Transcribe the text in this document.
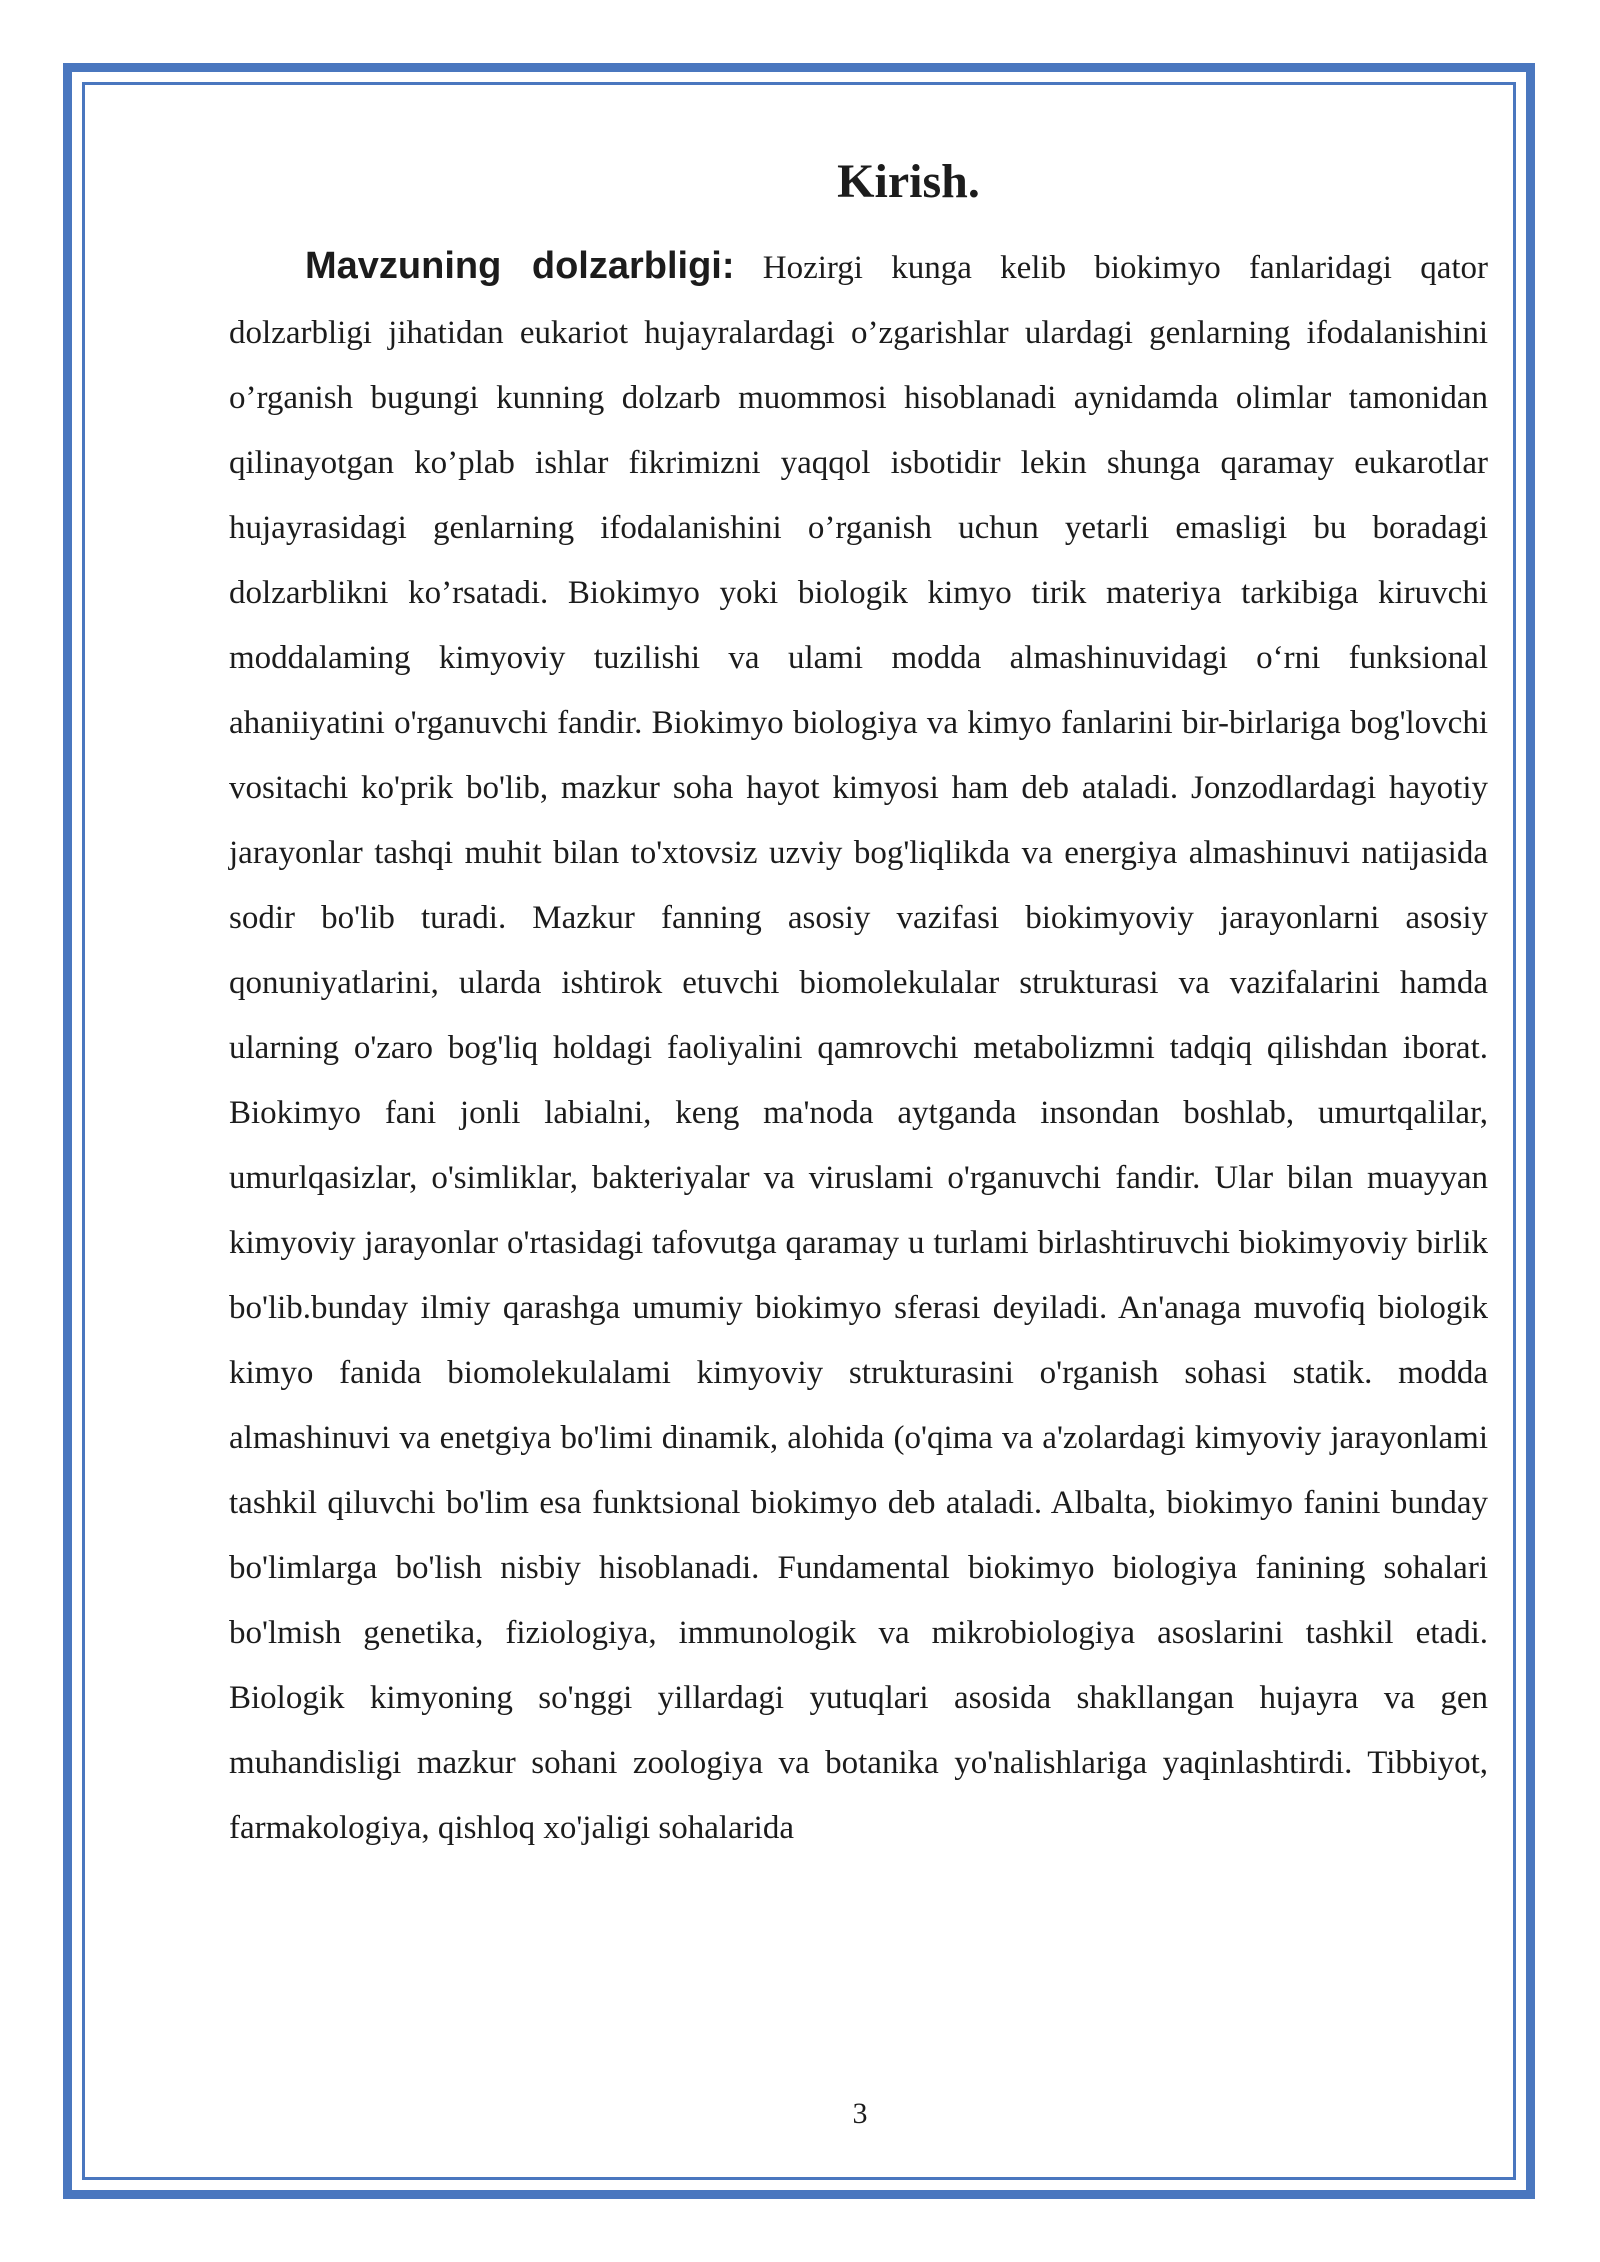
Kirish.

Mavzuning dolzarbligi: Hozirgi kunga kelib biokimyo fanlaridagi qator dolzarbligi jihatidan eukariot hujayralardagi o’zgarishlar ulardagi genlarning ifodalanishini o’rganish bugungi kunning dolzarb muommosi hisoblanadi aynidamda olimlar tamonidan qilinayotgan ko’plab ishlar fikrimizni yaqqol isbotidir lekin shunga qaramay eukarotlar hujayrasidagi genlarning ifodalanishini o’rganish uchun yetarli emasligi bu boradagi dolzarblikni ko’rsatadi. Biokimyo yoki biologik kimyo tirik materiya tarkibiga kiruvchi moddalaming kimyoviy tuzilishi va ulami modda almashinuvidagi o‘rni funksional ahaniiyatini o'rganuvchi fandir. Biokimyo biologiya va kimyo fanlarini bir-birlariga bog'lovchi vositachi ko'prik bo'lib, mazkur soha hayot kimyosi ham deb ataladi. Jonzodlardagi hayotiy jarayonlar tashqi muhit bilan to'xtovsiz uzviy bog'liqlikda va energiya almashinuvi natijasida sodir bo'lib turadi. Mazkur fanning asosiy vazifasi biokimyoviy jarayonlarni asosiy qonuniyatlarini, ularda ishtirok etuvchi biomolekulalar strukturasi va vazifalarini hamda ularning o'zaro bog'liq holdagi faoliyalini qamrovchi metabolizmni tadqiq qilishdan iborat. Biokimyo fani jonli labialni, keng ma'noda aytganda insondan boshlab, umurtqalilar, umurlqasizlar, o'simliklar, bakteriyalar va viruslami o'rganuvchi fandir. Ular bilan muayyan kimyoviy jarayonlar o'rtasidagi tafovutga qaramay u turlami birlashtiruvchi biokimyoviy birlik bo'lib.bunday ilmiy qarashga umumiy biokimyo sferasi deyiladi. An'anaga muvofiq biologik kimyo fanida biomolekulalami kimyoviy strukturasini o'rganish sohasi statik. modda almashinuvi va enetgiya bo'limi dinamik, alohida (o'qima va a'zolardagi kimyoviy jarayonlami tashkil qiluvchi bo'lim esa funktsional biokimyo deb ataladi. Albalta, biokimyo fanini bunday bo'limlarga bo'lish nisbiy hisoblanadi. Fundamental biokimyo biologiya fanining sohalari bo'lmish genetika, fiziologiya, immunologik va mikrobiologiya asoslarini tashkil etadi. Biologik kimyoning so'nggi yillardagi yutuqlari asosida shakllangan hujayra va gen muhandisligi mazkur sohani zoologiya va botanika yo'nalishlariga yaqinlashtirdi. Tibbiyot, farmakologiya, qishloq xo'jaligi sohalarida

3
